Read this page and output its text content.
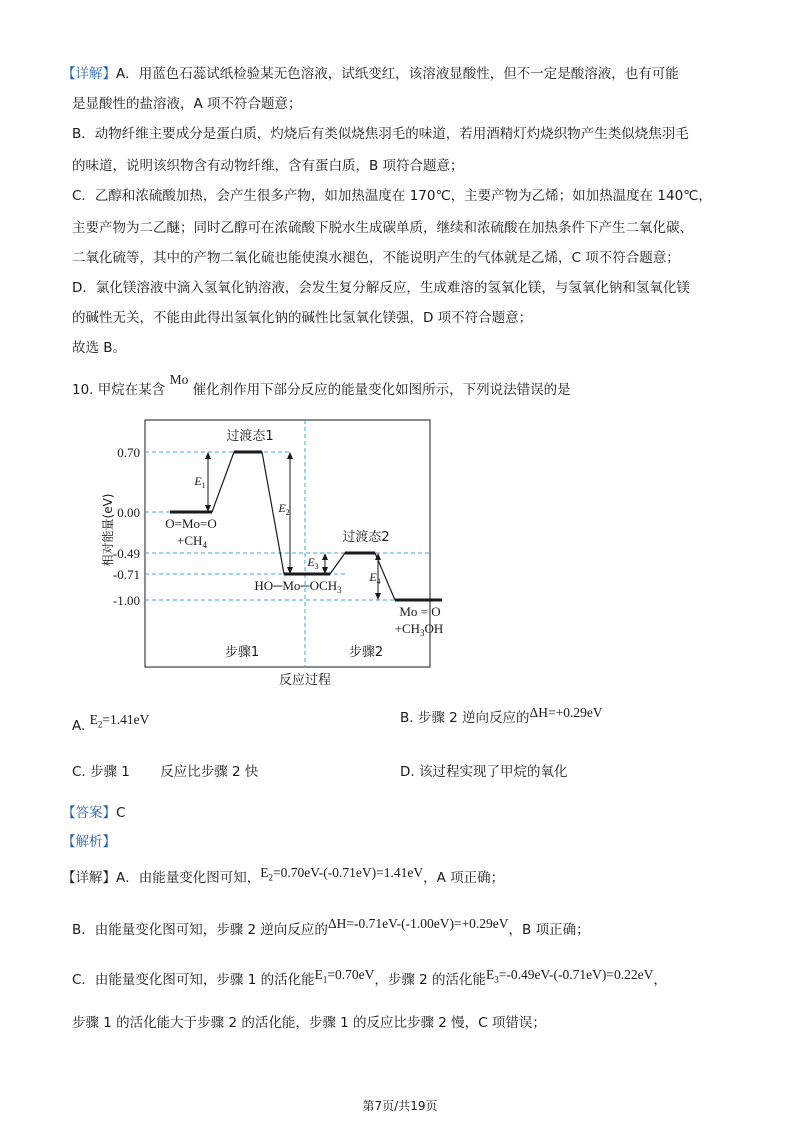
【详解】A．用蓝色石蕊试纸检验某无色溶液，试纸变红，该溶液显酸性，但不一定是酸溶液，也有可能
是显酸性的盐溶液，A 项不符合题意；
B．动物纤维主要成分是蛋白质，灼烧后有类似烧焦羽毛的味道，若用酒精灯灼烧织物产生类似烧焦羽毛
的味道，说明该织物含有动物纤维，含有蛋白质，B 项符合题意；
C．乙醇和浓硫酸加热，会产生很多产物，如加热温度在 170℃，主要产物为乙烯；如加热温度在 140℃，
主要产物为二乙醚；同时乙醇可在浓硫酸下脱水生成碳单质，继续和浓硫酸在加热条件下产生二氧化碳、
二氧化硫等，其中的产物二氧化硫也能使溴水褪色，不能说明产生的气体就是乙烯，C 项不符合题意；
D．氯化镁溶液中滴入氢氧化钠溶液，会发生复分解反应，生成难溶的氢氧化镁，与氢氧化钠和氢氧化镁
的碱性无关，不能由此得出氢氧化钠的碱性比氢氧化镁强，D 项不符合题意；
故选 B。
10. 甲烷在某含 Mo 催化剂作用下部分反应的能量变化如图所示，下列说法错误的是
0.70
0.00
-0.49
-0.71
-1.00
相对能量(eV)
反应过程
过渡态1
过渡态2
O=Mo=O
$+CH_4$
$HO─Mo─OCH_3$
Mo = O
$+CH_3OH$
$E_1$
$E_2$
$E_3$
$E_4$
步骤1	步骤2
A. $E_2=1.41eV$	B. 步骤 2 逆向反应的ΔH=+0.29eV
C. 步骤 1 反应比步骤 2 快	D. 该过程实现了甲烷的氧化
【答案】C
【解析】
【详解】A．由能量变化图可知，$E_2=0.70eV-(-0.71eV)=1.41eV$，A 项正确；
B．由能量变化图可知，步骤 2 逆向反应的ΔH=-0.71eV-(-1.00eV)=+0.29eV，B 项正确；
C．由能量变化图可知，步骤 1 的活化能$E_1=0.70eV$，步骤 2 的活化能$E_3=-0.49eV-(-0.71eV)=0.22eV$，
步骤 1 的活化能大于步骤 2 的活化能，步骤 1 的反应比步骤 2 慢，C 项错误；
第7页/共19页
